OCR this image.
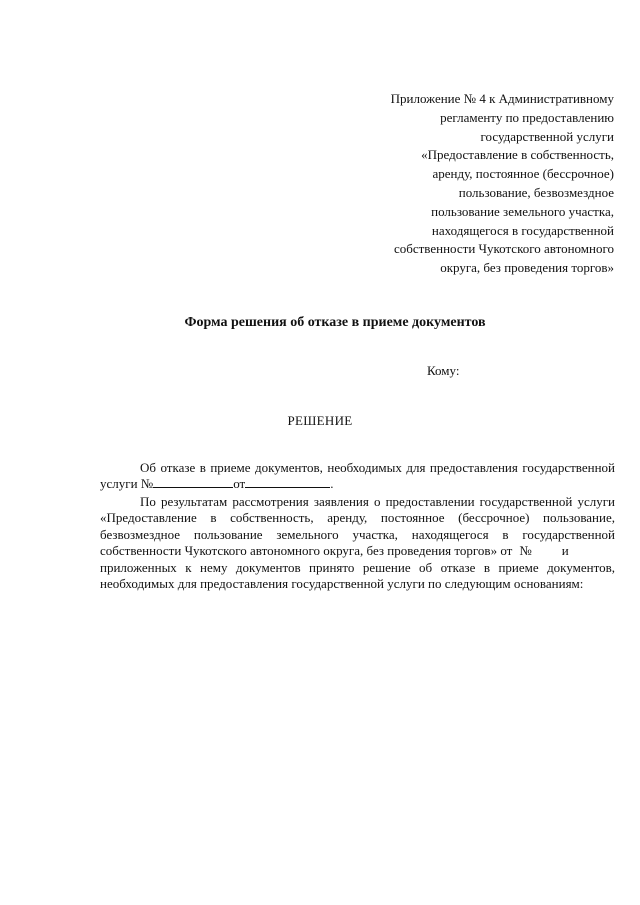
Приложение № 4 к Административному
регламенту по предоставлению
государственной услуги
«Предоставление в собственность,
аренду, постоянное (бессрочное)
пользование, безвозмездное
пользование земельного участка,
находящегося в государственной
собственности Чукотского автономного
округа, без проведения торгов»
Форма решения об отказе в приеме документов
Кому:
РЕШЕНИЕ
Об отказе в приеме документов, необходимых для предоставления государственной
услуги №	от	.
По результатам рассмотрения заявления о предоставлении государственной услуги
«Предоставление в собственность, аренду, постоянное (бессрочное) пользование,
безвозмездное пользование земельного участка, находящегося в государственной
собственности Чукотского автономного округа, без проведения торгов» от № и
приложенных к нему документов принято решение об отказе в приеме документов,
необходимых для предоставления государственной услуги по следующим основаниям:
